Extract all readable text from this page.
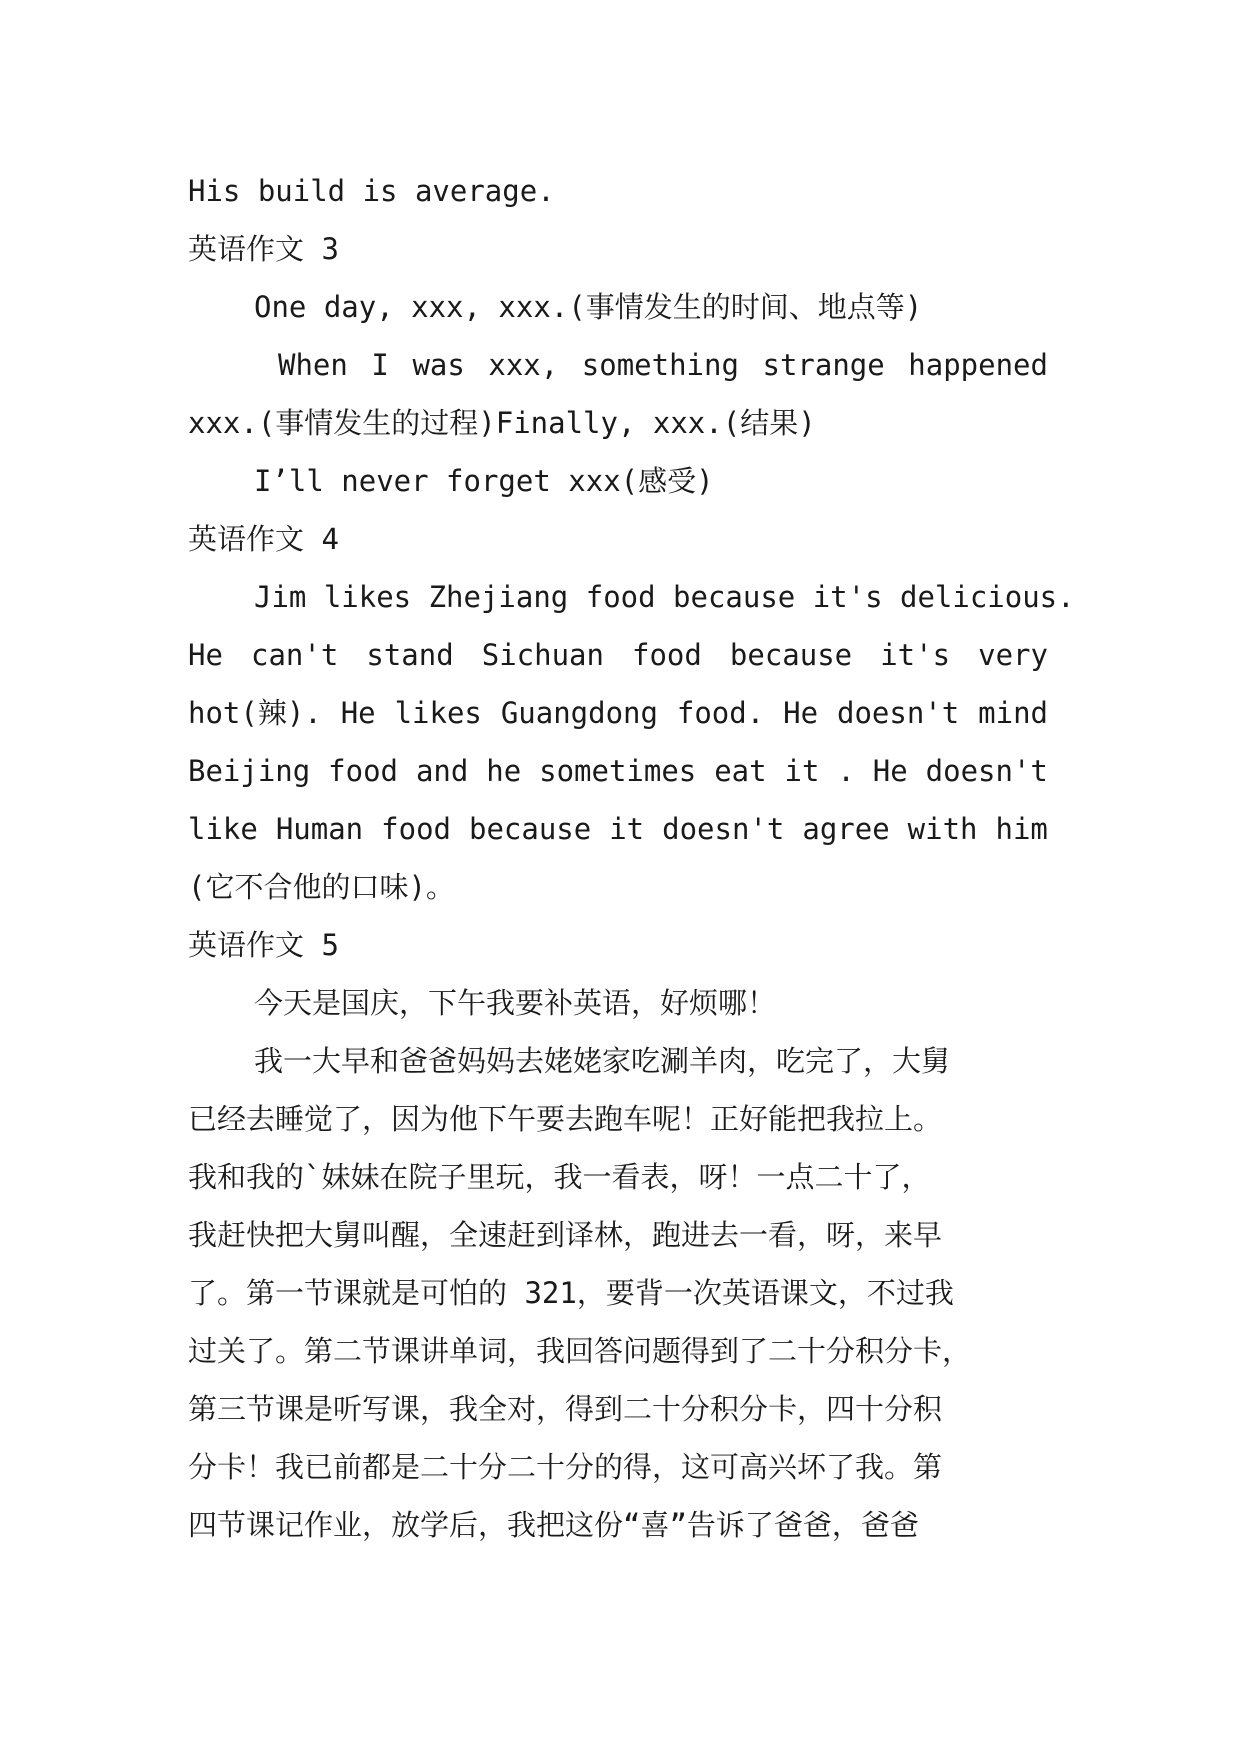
His build is average.
英语作文 3
One day, xxx, xxx.(事情发生的时间、地点等)
When I was xxx, something strange happened
xxx.(事情发生的过程)Finally, xxx.(结果)
I’ll never forget xxx(感受)
英语作文 4
Jim likes Zhejiang food because it's delicious.
He can't stand Sichuan food because it's very
hot(辣). He likes Guangdong food. He doesn't mind
Beijing food and he sometimes eat it . He doesn't
like Human food because it doesn't agree with him
(它不合他的口味)。
英语作文 5
今天是国庆，下午我要补英语，好烦哪！
我一大早和爸爸妈妈去姥姥家吃涮羊肉，吃完了，大舅
已经去睡觉了，因为他下午要去跑车呢！正好能把我拉上。
我和我的`妹妹在院子里玩，我一看表，呀！一点二十了，
我赶快把大舅叫醒，全速赶到译林，跑进去一看，呀，来早
了。第一节课就是可怕的 321，要背一次英语课文，不过我
过关了。第二节课讲单词，我回答问题得到了二十分积分卡，
第三节课是听写课，我全对，得到二十分积分卡，四十分积
分卡！我已前都是二十分二十分的得，这可高兴坏了我。第
四节课记作业，放学后，我把这份“喜”告诉了爸爸，爸爸
